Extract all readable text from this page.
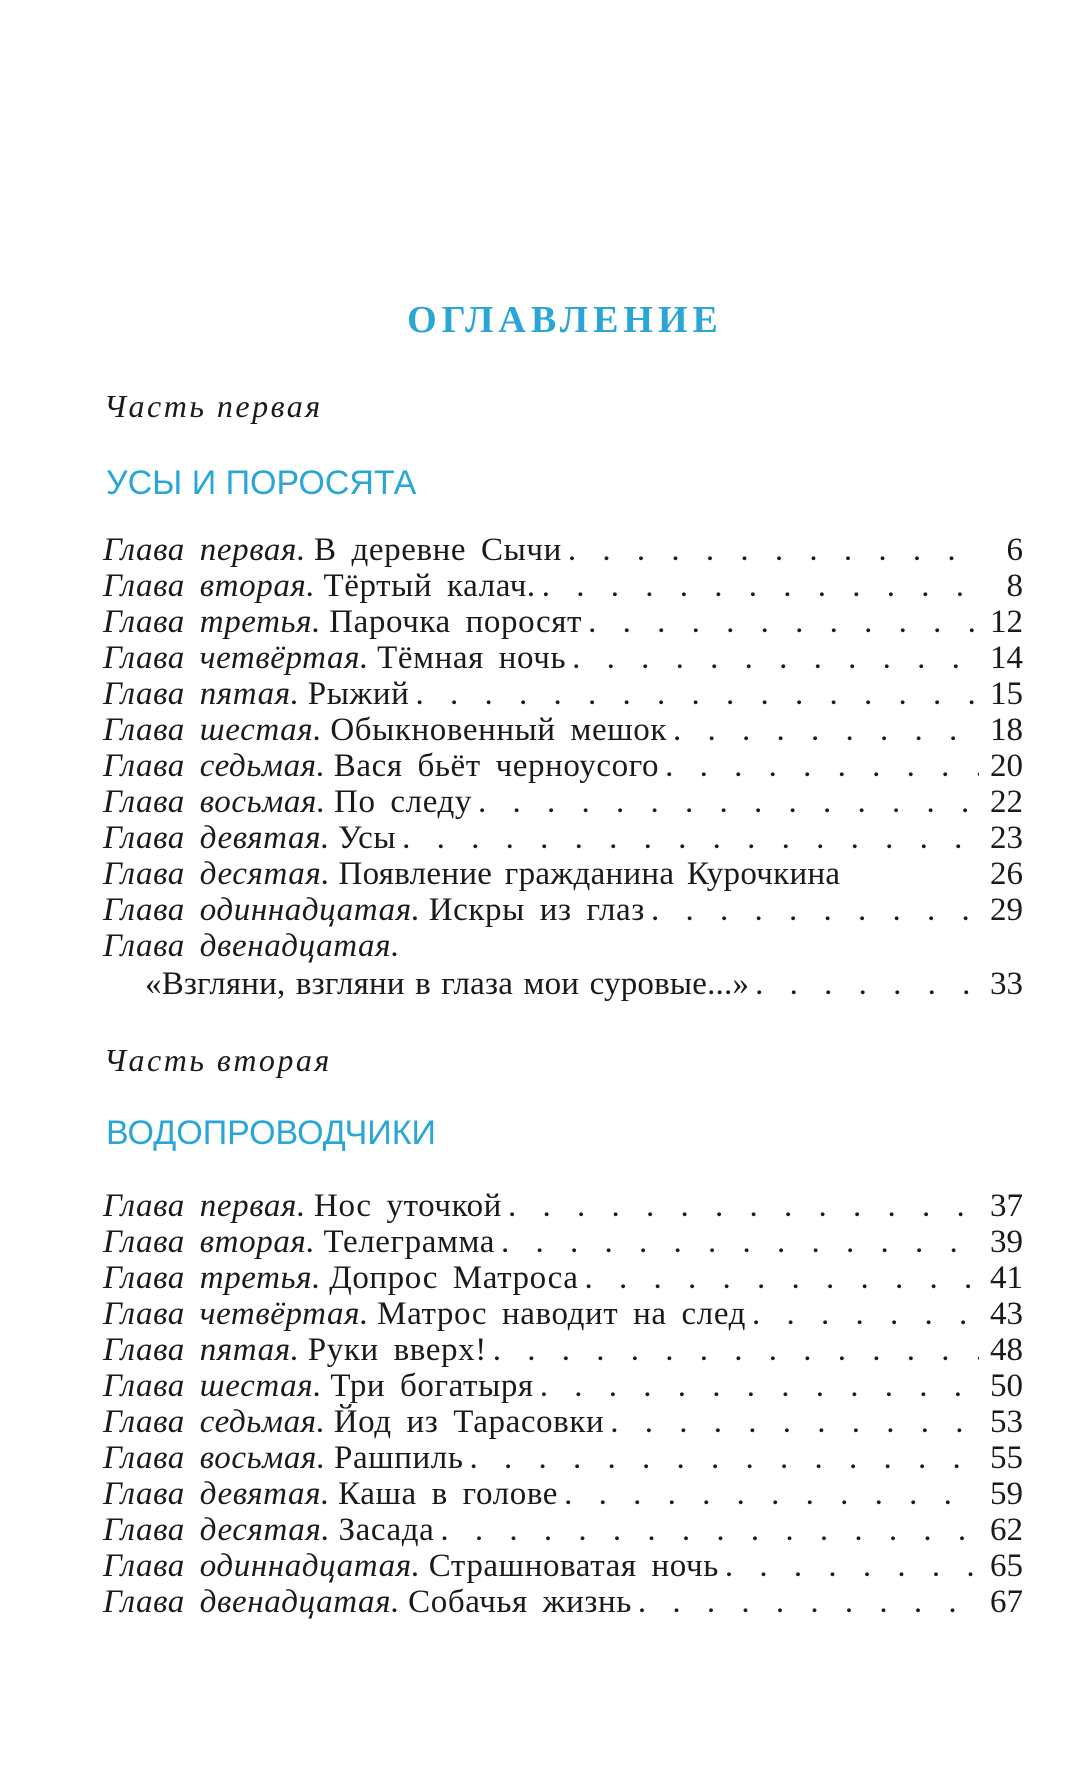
ОГЛАВЛЕНИЕ
Часть первая
УСЫ И ПОРОСЯТА
Глава первая.
В деревне Сычи . . .	6
Глава вторая.
Тёртый калач. . . .	8
Глава третья.
Парочка поросят . . .	12
Глава четвёртая.
Тёмная ночь . . .	14
Глава пятая.
Рыжий . . .	15
Глава шестая.
Обыкновенный мешок . . .	18
Глава седьмая.
Вася бьёт черноусого . . .	20
Глава восьмая.
По следу . . .	22
Глава девятая.
Усы . . .	23
Глава десятая.
Появление гражданина Курочкина	26
Глава одиннадцатая.
Искры из глаз . . .	29
Глава двенадцатая.
«Взгляни, взгляни в глаза мои суровые...» . . .	33
Часть вторая
ВОДОПРОВОДЧИКИ
Глава первая.
Нос уточкой . . .	37
Глава вторая.
Телеграмма . . .	39
Глава третья.
Допрос Матроса . . .	41
Глава четвёртая.
Матрос наводит на след . . .	43
Глава пятая.
Руки вверх! . . .	48
Глава шестая.
Три богатыря . . .	50
Глава седьмая.
Йод из Тарасовки . . .	53
Глава восьмая.
Рашпиль . . .	55
Глава девятая.
Каша в голове . . .	59
Глава десятая.
Засада . . .	62
Глава одиннадцатая.
Страшноватая ночь . . .	65
Глава двенадцатая.
Собачья жизнь . . .	67
